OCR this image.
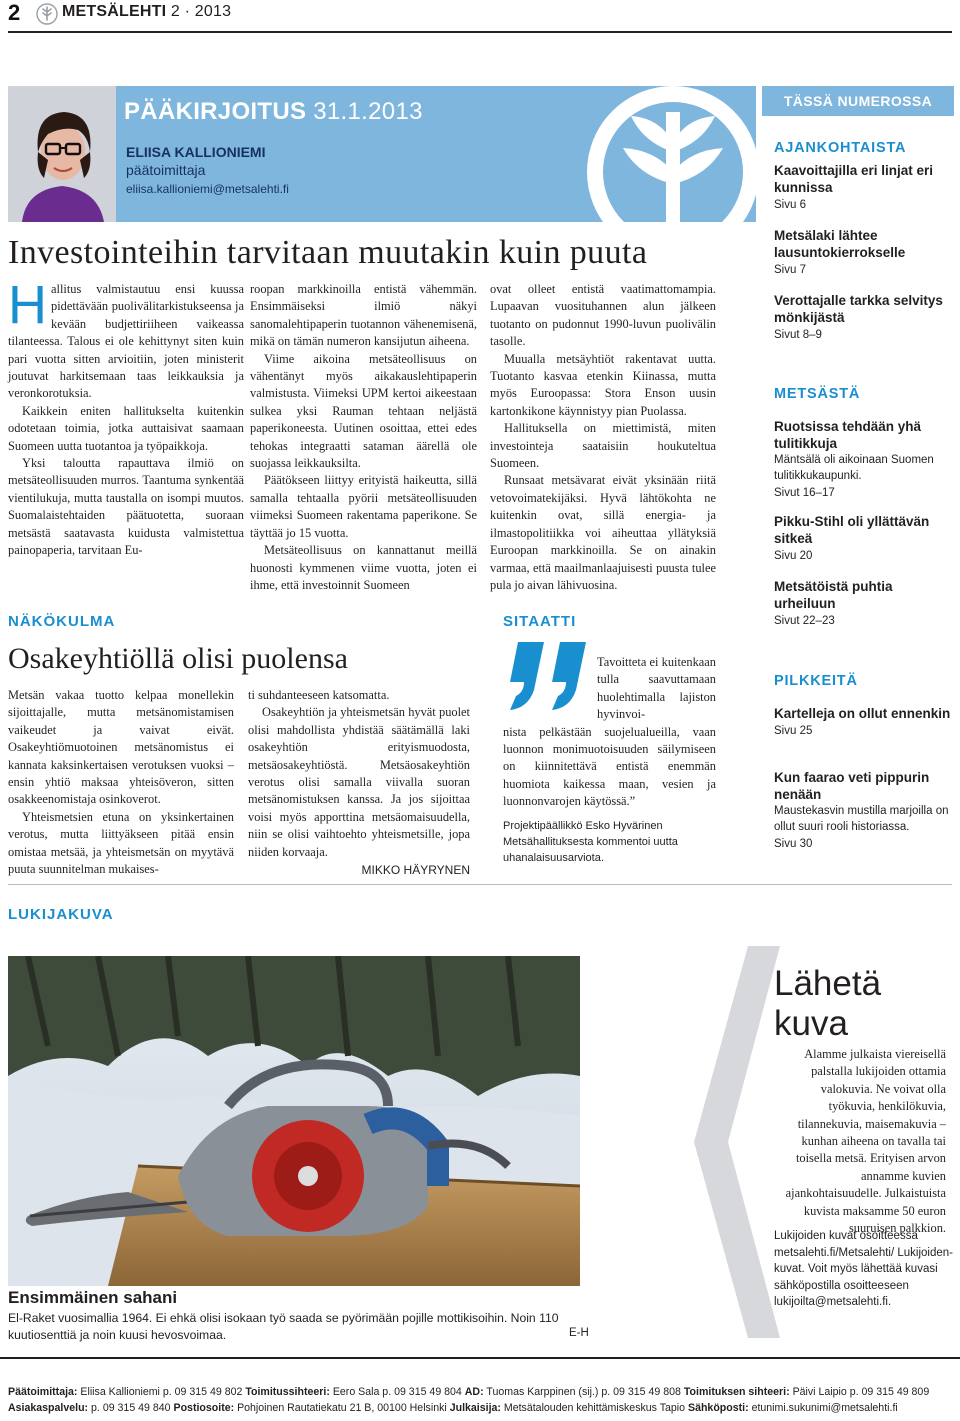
2	METSÄLEHTI 2 · 2013
PÄÄKIRJOITUS 31.1.2013
ELIISA KALLIONIEMI
päätoimittaja
eliisa.kallioniemi@metsalehti.fi
Investointeihin tarvitaan muutakin kuin puuta

Hallitus valmistautuu ensi kuussa pidettävään puolivälitarkistukseensa ja kevään budjettiriiheen vaikeassa tilanteessa. Talous ei ole kehittynyt siten kuin pari vuotta sitten arvioitiin, joten ministerit joutuvat harkitsemaan taas leikkauksia ja veronkorotuksia.

Kaikkein eniten hallitukselta kuitenkin odotetaan toimia, jotka auttaisivat saamaan Suomeen uutta tuotantoa ja työpaikkoja.

Yksi taloutta rapauttava ilmiö on metsäteollisuuden murros. Taantuma synkentää vientilukuja, mutta taustalla on isompi muutos. Suomalaistehtaiden päätuotetta, suoraan metsästä saatavasta kuidusta valmistettua painopaperia, tarvitaan Eu-

roopan markkinoilla entistä vähemmän. Ensimmäiseksi ilmiö näkyi sanomalehtipaperin tuotannon vähenemisenä, mikä on tämän numeron kansijutun aiheena.

Viime aikoina metsäteollisuus on vähentänyt myös aikakauslehtipaperin valmistusta. Viimeksi UPM kertoi aikeestaan sulkea yksi Rauman tehtaan neljästä paperikoneesta. Uutinen osoittaa, ettei edes tehokas integraatti sataman äärellä ole suojassa leikkauksilta.

Päätökseen liittyy erityistä haikeutta, sillä samalla tehtaalla pyörii metsäteollisuuden viimeksi Suomeen rakentama paperikone. Se täyttää jo 15 vuotta.

Metsäteollisuus on kannattanut meillä huonosti kymmenen viime vuotta, joten ei ihme, että investoinnit Suomeen

ovat olleet entistä vaatimattomampia. Lupaavan vuosituhannen alun jälkeen tuotanto on pudonnut 1990-luvun puolivälin tasolle.

Muualla metsäyhtiöt rakentavat uutta. Tuotanto kasvaa etenkin Kiinassa, mutta myös Euroopassa: Stora Enson uusin kartonkikone käynnistyy pian Puolassa.

Hallituksella on miettimistä, miten investointeja saataisiin houkuteltua Suomeen.

Runsaat metsävarat eivät yksinään riitä vetovoimatekijäksi. Hyvä lähtökohta ne kuitenkin ovat, sillä energia- ja ilmastopolitiikka voi aiheuttaa yllätyksiä Euroopan markkinoilla. Se on ainakin varmaa, että maailmanlaajuisesti puusta tulee pula jo aivan lähivuosina.

NÄKÖKULMA
Osakeyhtiöllä olisi puolensa

Metsän vakaa tuotto kelpaa monellekin sijoittajalle, mutta metsänomistamisen vaikeudet ja vaivat eivät. Osakeyhtiömuotoinen metsänomistus ei kannata kaksinkertaisen verotuksen vuoksi – ensin yhtiö maksaa yhteisöveron, sitten osakkeenomistaja osinkoverot.

Yhteismetsien etuna on yksinkertainen verotus, mutta liittyäkseen pitää ensin omistaa metsää, ja yhteismetsän on myytävä puuta suunnitelman mukaises-

ti suhdanteeseen katsomatta.

Osakeyhtiön ja yhteismetsän hyvät puolet olisi mahdollista yhdistää säätämällä laki osakeyhtiön erityismuodosta, metsäosakeyhtiöstä. Metsäosakeyhtiön verotus olisi samalla viivalla suoran metsänomistuksen kanssa. Ja jos sijoittaa voisi myös apporttina metsäomaisuudella, niin se olisi vaihtoehto yhteismetsille, jopa niiden korvaaja.

MIKKO HÄYRYNEN
SITAATTI
Tavoitteta ei kuitenkaan tulla saavuttamaan huolehtimalla lajiston hyvinvoi-
nista pelkästään suojelualueilla, vaan luonnon monimuotoisuuden säilymiseen on kiinnitettävä entistä enemmän huomiota kaikessa maan, vesien ja luonnonvarojen käytössä.”
Projektipäällikkö Esko Hyvärinen Metsähallituksesta kommentoi uutta uhanalaisuusarviota.
TÄSSÄ NUMEROSSA
AJANKOHTAISTA
Kaavoittajilla eri linjat eri kunnissa
Sivu 6
Metsälaki lähtee lausuntokierrokselle
Sivu 7
Verottajalle tarkka selvitys mönkijästä
Sivut 8–9
METSÄSTÄ
Ruotsissa tehdään yhä tulitikkuja
Mäntsälä oli aikoinaan Suomen tulitikkukaupunki.
Sivut 16–17
Pikku-Stihl oli yllättävän sitkeä
Sivu 20
Metsätöistä puhtia urheiluun
Sivut 22–23
PILKKEITÄ
Kartelleja on ollut ennenkin
Sivu 25
Kun faarao veti pippurin nenään
Maustekasvin mustilla marjoilla on ollut suuri rooli historiassa.
Sivu 30
LUKIJAKUVA
Ensimmäinen sahani
El-Raket vuosimallia 1964. Ei ehkä olisi isokaan työ saada se pyörimään pojille mottikisoihin. Noin 110 kuutiosenttiä ja noin kuusi hevosvoimaa.	E-H
Lähetä
kuva
Alamme julkaista viereisellä palstalla lukijoiden ottamia valokuvia. Ne voivat olla työkuvia, henkilökuvia, tilannekuvia, maisemakuvia – kunhan aiheena on tavalla tai toisella metsä. Erityisen arvon annamme kuvien ajankohtaisuudelle. Julkaistuista kuvista maksamme 50 euron suuruisen palkkion.
Lukijoiden kuvat osoitteessa metsalehti.fi/Metsalehti/ Lukijoiden-kuvat. Voit myös lähettää kuvasi sähköpostilla osoitteeseen lukijoilta@metsalehti.fi.
Päätoimittaja: Eliisa Kallioniemi p. 09 315 49 802 Toimitussihteeri: Eero Sala p. 09 315 49 804 AD: Tuomas Karppinen (sij.) p. 09 315 49 808 Toimituksen sihteeri: Päivi Laipio p. 09 315 49 809
Asiakaspalvelu: p. 09 315 49 840 Postiosoite: Pohjoinen Rautatiekatu 21 B, 00100 Helsinki Julkaisija: Metsätalouden kehittämiskeskus Tapio Sähköposti: etunimi.sukunimi@metsalehti.fi
